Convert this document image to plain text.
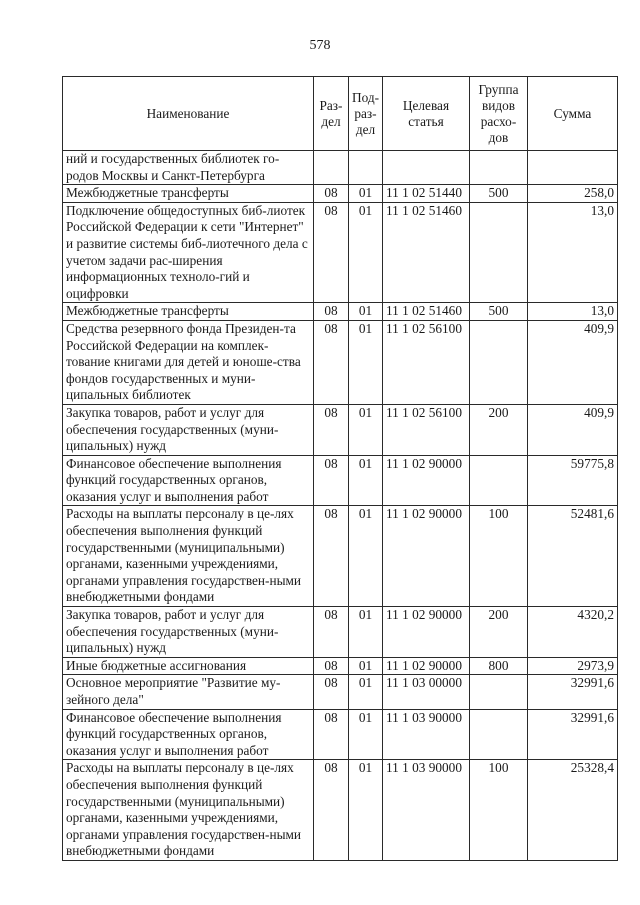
578
Наименование	Раз-дел	Под-раз-дел	Целевая статья	Группа видов расхо-дов	Сумма
ний и государственных библиотек го-родов Москвы и Санкт-Петербурга					
Межбюджетные трансферты	08	01	11 1 02 51440	500	258,0
Подключение общедоступных биб-лиотек Российской Федерации к сети "Интернет" и развитие системы биб-лиотечного дела с учетом задачи рас-ширения информационных техноло-гий и оцифровки	08	01	11 1 02 51460		13,0
Межбюджетные трансферты	08	01	11 1 02 51460	500	13,0
Средства резервного фонда Президен-та Российской Федерации на комплек-тование книгами для детей и юноше-ства фондов государственных и муни-ципальных библиотек	08	01	11 1 02 56100		409,9
Закупка товаров, работ и услуг для обеспечения государственных (муни-ципальных) нужд	08	01	11 1 02 56100	200	409,9
Финансовое обеспечение выполнения функций государственных органов, оказания услуг и выполнения работ	08	01	11 1 02 90000		59775,8
Расходы на выплаты персоналу в це-лях обеспечения выполнения функций государственными (муниципальными) органами, казенными учреждениями, органами управления государствен-ными внебюджетными фондами	08	01	11 1 02 90000	100	52481,6
Закупка товаров, работ и услуг для обеспечения государственных (муни-ципальных) нужд	08	01	11 1 02 90000	200	4320,2
Иные бюджетные ассигнования	08	01	11 1 02 90000	800	2973,9
Основное мероприятие "Развитие му-зейного дела"	08	01	11 1 03 00000		32991,6
Финансовое обеспечение выполнения функций государственных органов, оказания услуг и выполнения работ	08	01	11 1 03 90000		32991,6
Расходы на выплаты персоналу в це-лях обеспечения выполнения функций государственными (муниципальными) органами, казенными учреждениями, органами управления государствен-ными внебюджетными фондами	08	01	11 1 03 90000	100	25328,4
